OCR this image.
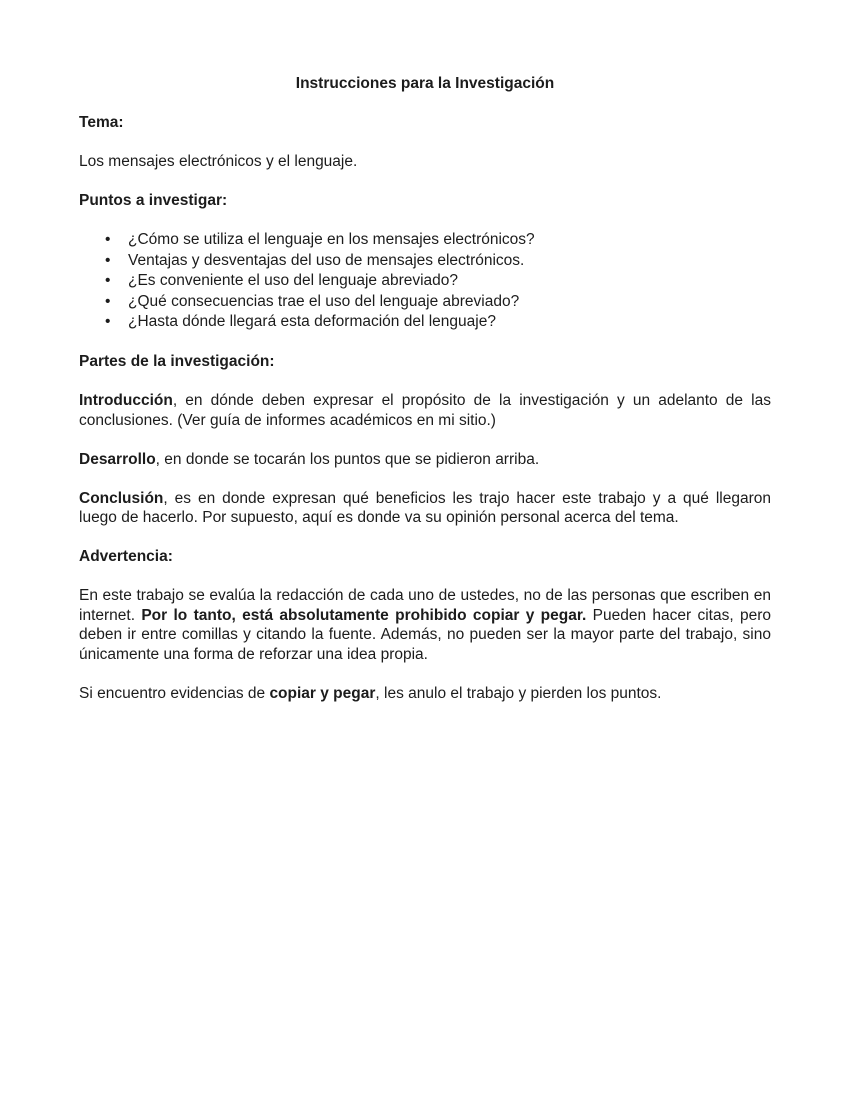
Instrucciones para la Investigación

Tema:

Los mensajes electrónicos y el lenguaje.

Puntos a investigar:

• ¿Cómo se utiliza el lenguaje en los mensajes electrónicos?
• Ventajas y desventajas del uso de mensajes electrónicos.
• ¿Es conveniente el uso del lenguaje abreviado?
• ¿Qué consecuencias trae el uso del lenguaje abreviado?
• ¿Hasta dónde llegará esta deformación del lenguaje?

Partes de la investigación:

Introducción, en dónde deben expresar el propósito de la investigación y un adelanto de las conclusiones. (Ver guía de informes académicos en mi sitio.)

Desarrollo, en donde se tocarán los puntos que se pidieron arriba.

Conclusión, es en donde expresan qué beneficios les trajo hacer este trabajo y a qué llegaron luego de hacerlo. Por supuesto, aquí es donde va su opinión personal acerca del tema.

Advertencia:

En este trabajo se evalúa la redacción de cada uno de ustedes, no de las personas que escriben en internet. Por lo tanto, está absolutamente prohibido copiar y pegar. Pueden hacer citas, pero deben ir entre comillas y citando la fuente. Además, no pueden ser la mayor parte del trabajo, sino únicamente una forma de reforzar una idea propia.

Si encuentro evidencias de copiar y pegar, les anulo el trabajo y pierden los puntos.
